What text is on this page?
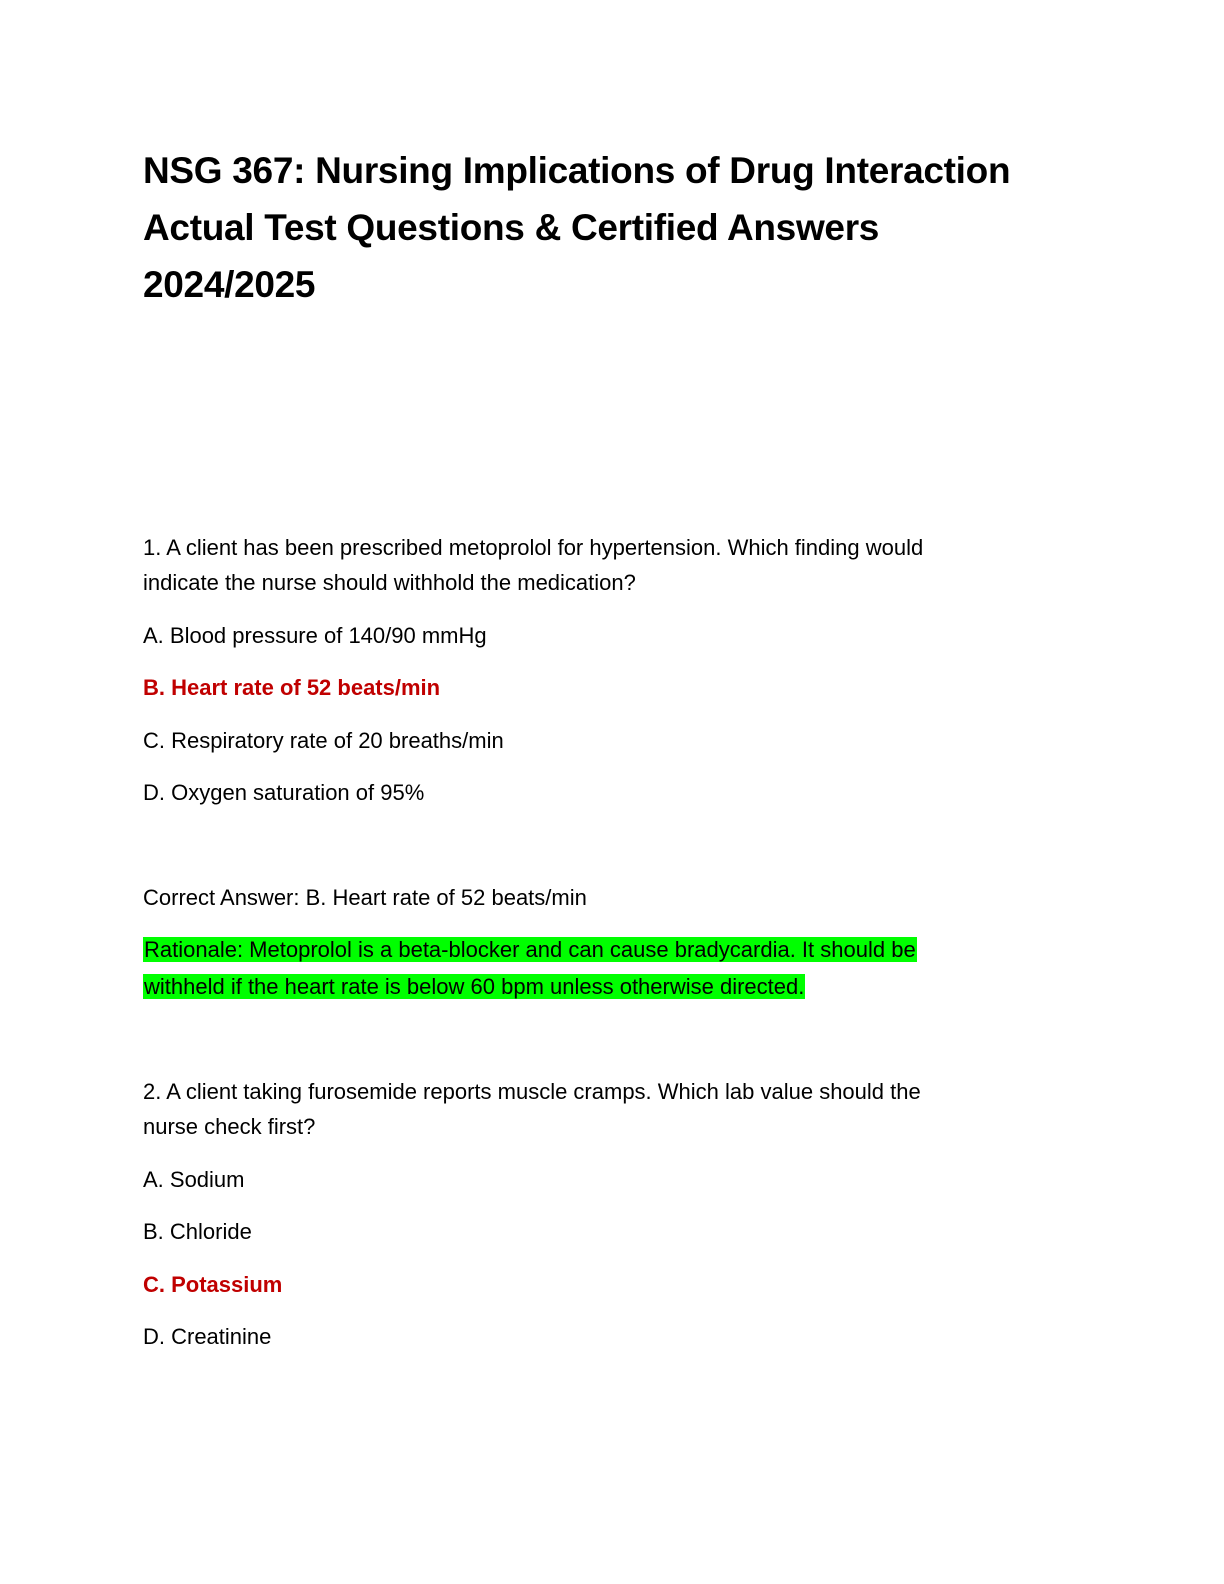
NSG 367: Nursing Implications of Drug Interaction
Actual Test Questions & Certified Answers
2024/2025
1. A client has been prescribed metoprolol for hypertension. Which finding would
indicate the nurse should withhold the medication?
A. Blood pressure of 140/90 mmHg
B. Heart rate of 52 beats/min
C. Respiratory rate of 20 breaths/min
D. Oxygen saturation of 95%
Correct Answer: B. Heart rate of 52 beats/min
Rationale: Metoprolol is a beta-blocker and can cause bradycardia. It should be
withheld if the heart rate is below 60 bpm unless otherwise directed.
2. A client taking furosemide reports muscle cramps. Which lab value should the
nurse check first?
A. Sodium
B. Chloride
C. Potassium
D. Creatinine
